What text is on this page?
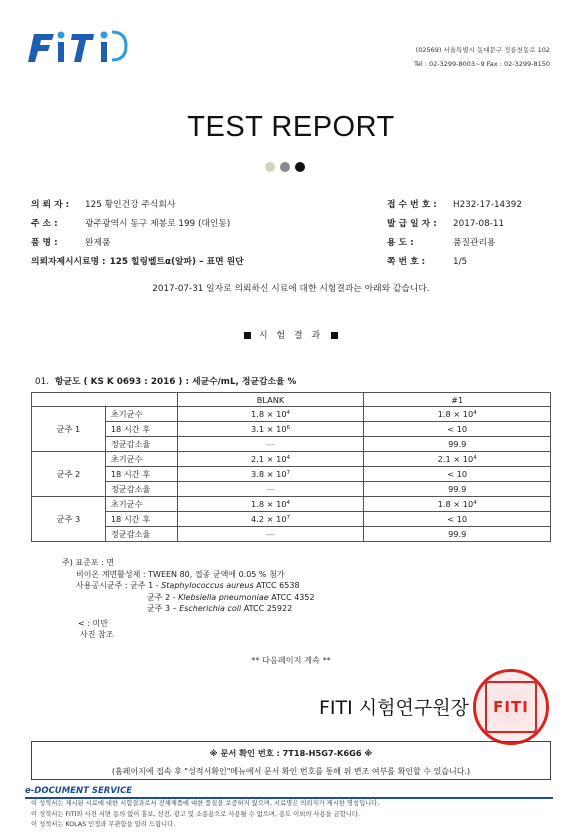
(02569) 서울특별시 동대문구 정릉천동로 102
Tel : 02-3299-8003~9 Fax : 02-3299-8150
TEST REPORT
의 뢰 자 :	125 황인건강 주식회사
주 소 :	광주광역시 동구 제봉로 199 (대인동)
품 명 :	완제품
의뢰자제시시료명 : 125 힐링벨트α(알파) – 표면 원단
접 수 번 호 :	H232-17-14392
발 급 일 자 :	2017-08-11
용 도 :	품질관리용
쪽 번 호 :	1/5
2017-07-31 일자로 의뢰하신 시료에 대한 시험결과는 아래와 같습니다.
시 험 결 과
01. 항균도 ( KS K 0693 : 2016 ) : 세균수/mL, 정균감소율 %
		BLANK	#1
균주 1	초기균수	$1.8 \times 10^4$	$1.8 \times 10^4$
	18 시간 후	$3.1 \times 10^6$	< 10
	정균감소율	---	99.9
균주 2	초기균수	$2.1 \times 10^4$	$2.1 \times 10^4$
	18 시간 후	$3.8 \times 10^7$	< 10
	정균감소율	---	99.9
균주 3	초기균수	$1.8 \times 10^4$	$1.8 \times 10^4$
	18 시간 후	$4.2 \times 10^7$	< 10
	정균감소율	---	99.9
주) 표준포 : 면
비이온 계면활성제 : TWEEN 80, 접종 균액에 0.05 % 첨가
사용공시균주 : 균주 1 - Staphylococcus aureus ATCC 6538
균주 2 - Klebsiella pneumoniae ATCC 4352
균주 3 – Escherichia coli ATCC 25922
< : 미만
사진 참조
** 다음페이지 계속 **
FITI 시험연구원장 FITI
※ 문서 확인 번호 : 7T18-H5G7-K6G6 ※
(홈페이지에 접속 후 "성적서확인"메뉴에서 문서 확인 번호를 통해 위 변조 여부를 확인할 수 있습니다.)
e-DOCUMENT SERVICE
이 성적서는 제시된 시료에 대한 시험결과로서 전체제품에 대한 품질을 보증하지 않으며, 시료명은 의뢰자가 제시한 명칭입니다.
이 성적서는 FITI와 사전 서면 동의 없이 홍보, 선전, 광고 및 소송용으로 사용될 수 없으며, 용도 이외의 사용을 금합니다.
이 성적서는 KOLAS 인정과 무관함을 알려 드립니다.
